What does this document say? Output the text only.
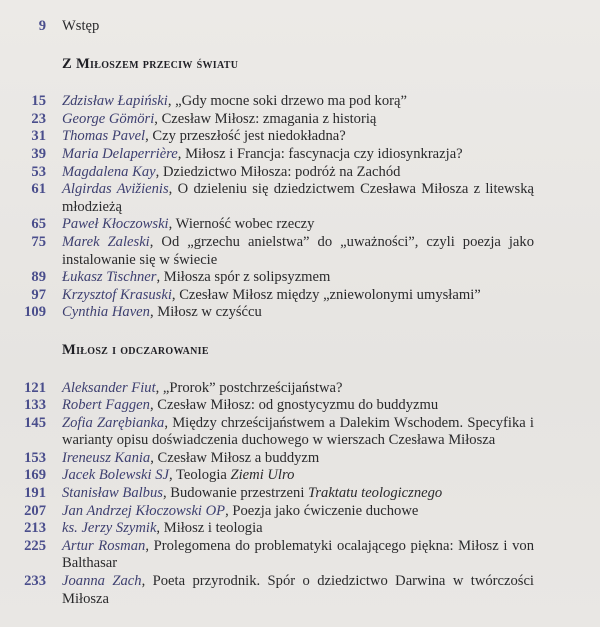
9 Wstęp
Z Miłoszem przeciw światu
15 Zdzisław Łapiński, „Gdy mocne soki drzewo ma pod korą”
23 George Gömöri, Czesław Miłosz: zmagania z historią
31 Thomas Pavel, Czy przeszłość jest niedokładna?
39 Maria Delaperrière, Miłosz i Francja: fascynacja czy idiosynkrazja?
53 Magdalena Kay, Dziedzictwo Miłosza: podróż na Zachód
61 Algirdas Avižienis, O dzieleniu się dziedzictwem Czesława Miłosza z litewską młodzieżą
65 Paweł Kłoczowski, Wierność wobec rzeczy
75 Marek Zaleski, Od „grzechu anielstwa” do „uważności”, czyli poezja jako instalowanie się w świecie
89 Łukasz Tischner, Miłosza spór z solipsyzmem
97 Krzysztof Krasuski, Czesław Miłosz między „zniewolonymi umysłami”
109 Cynthia Haven, Miłosz w czyśćcu
Miłosz i odczarowanie
121 Aleksander Fiut, „Prorok” postchrześcijaństwa?
133 Robert Faggen, Czesław Miłosz: od gnostycyzmu do buddyzmu
145 Zofia Zarębianka, Między chrześcijaństwem a Dalekim Wschodem. Specyfika i warianty opisu doświadczenia duchowego w wierszach Czesława Miłosza
153 Ireneusz Kania, Czesław Miłosz a buddyzm
169 Jacek Bolewski SJ, Teologia Ziemi Ulro
191 Stanisław Balbus, Budowanie przestrzeni Traktatu teologicznego
207 Jan Andrzej Kłoczowski OP, Poezja jako ćwiczenie duchowe
213 ks. Jerzy Szymik, Miłosz i teologia
225 Artur Rosman, Prolegomena do problematyki ocalającego piękna: Miłosz i von Balthasar
233 Joanna Zach, Poeta przyrodnik. Spór o dziedzictwo Darwina w twórczości Miłosza
